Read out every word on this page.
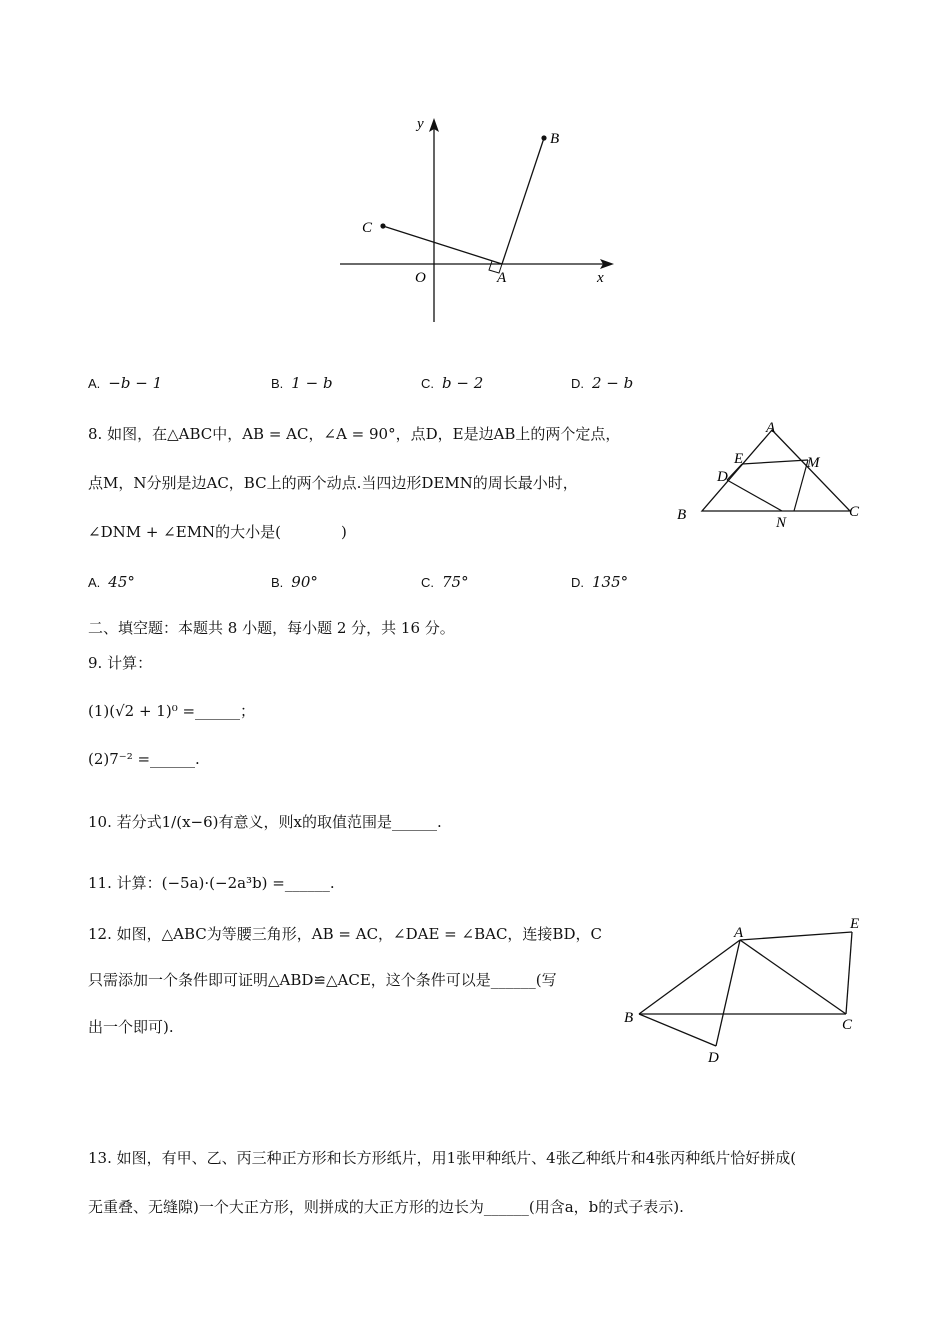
y
x
O	A
B
C
A. −b − 1	B. 1 − b	C. b − 2	D. 2 − b
8. 如图，在△ABC中，AB = AC，∠A = 90°，点D，E是边AB上的两个定点，
点M，N分别是边AC，BC上的两个动点.当四边形DEMN的周长最小时，
∠DNM + ∠EMN的大小是(　　　　)
A
B	C
D
E	M
N
A. 45°	B. 90°	C. 75°	D. 135°
二、填空题：本题共 8 小题，每小题 2 分，共 16 分。
9. 计算：
(1)(√2 + 1)⁰ =______；
(2)7⁻² =______.
10. 若分式1/(x−6)有意义，则x的取值范围是______.
11. 计算：(−5a)·(−2a³b) =______.
12. 如图，△ABC为等腰三角形，AB = AC，∠DAE = ∠BAC，连接BD，C
只需添加一个条件即可证明△ABD≌△ACE，这个条件可以是______(写
出一个即可).
A
B	C
D
E
13. 如图，有甲、乙、丙三种正方形和长方形纸片，用1张甲种纸片、4张乙种纸片和4张丙种纸片恰好拼成(
无重叠、无缝隙)一个大正方形，则拼成的大正方形的边长为______(用含a，b的式子表示).
